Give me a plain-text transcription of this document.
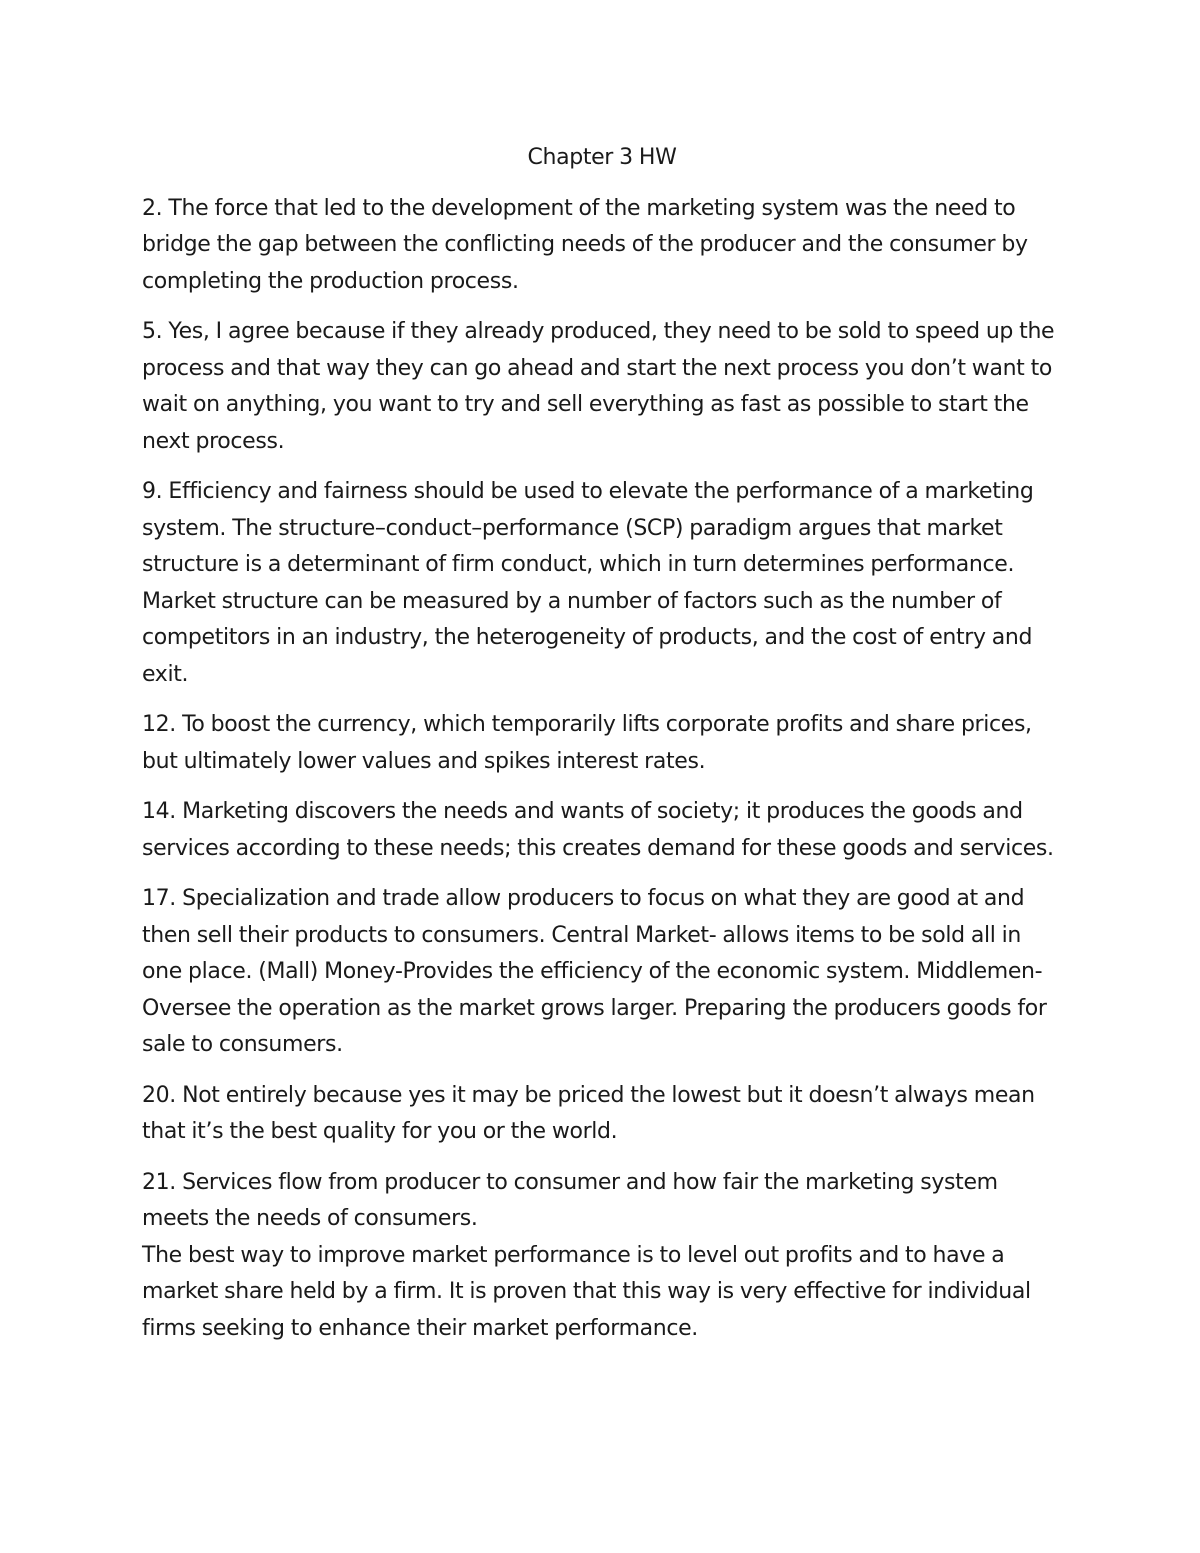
Chapter 3 HW

2. The force that led to the development of the marketing system was the need to bridge the gap between the conflicting needs of the producer and the consumer by completing the production process.

5. Yes, I agree because if they already produced, they need to be sold to speed up the process and that way they can go ahead and start the next process you don’t want to wait on anything, you want to try and sell everything as fast as possible to start the next process.

9. Efficiency and fairness should be used to elevate the performance of a marketing system. The structure–conduct–performance (SCP) paradigm argues that market structure is a determinant of firm conduct, which in turn determines performance. Market structure can be measured by a number of factors such as the number of competitors in an industry, the heterogeneity of products, and the cost of entry and exit.

12. To boost the currency, which temporarily lifts corporate profits and share prices, but ultimately lower values and spikes interest rates.

14. Marketing discovers the needs and wants of society; it produces the goods and services according to these needs; this creates demand for these goods and services.

17. Specialization and trade allow producers to focus on what they are good at and then sell their products to consumers. Central Market- allows items to be sold all in one place. (Mall) Money-Provides the efficiency of the economic system. Middlemen- Oversee the operation as the market grows larger. Preparing the producers goods for sale to consumers.

20. Not entirely because yes it may be priced the lowest but it doesn’t always mean that it’s the best quality for you or the world.

21. Services flow from producer to consumer and how fair the marketing system meets the needs of consumers.

The best way to improve market performance is to level out profits and to have a market share held by a firm. It is proven that this way is very effective for individual firms seeking to enhance their market performance.
